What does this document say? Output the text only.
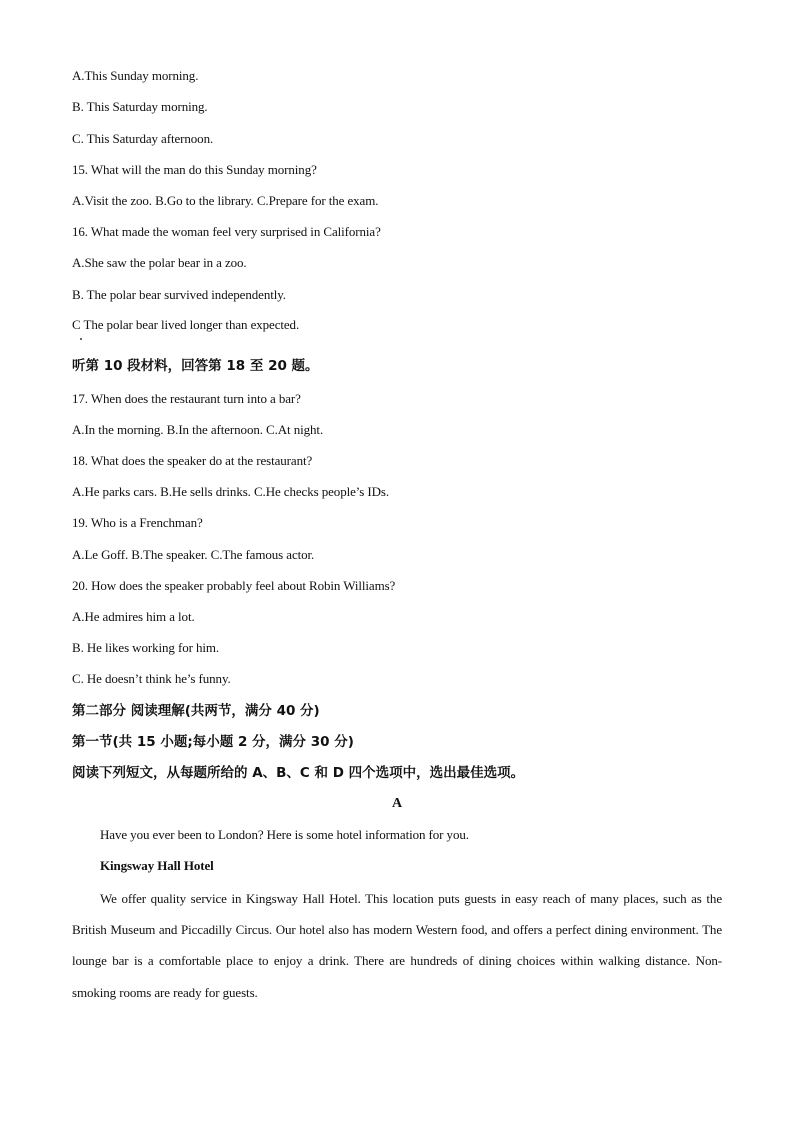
A.This Sunday morning.
B. This Saturday morning.
C. This Saturday afternoon.
15. What will the man do this Sunday morning?
A.Visit the zoo. B.Go to the library. C.Prepare for the exam.
16. What made the woman feel very surprised in California?
A.She saw the polar bear in a zoo.
B. The polar bear survived independently.
C The polar bear lived longer than expected.
听第 10 段材料，回答第 18 至 20 题。
17. When does the restaurant turn into a bar?
A.In the morning. B.In the afternoon. C.At night.
18. What does the speaker do at the restaurant?
A.He parks cars. B.He sells drinks. C.He checks people’s IDs.
19. Who is a Frenchman?
A.Le Goff. B.The speaker. C.The famous actor.
20. How does the speaker probably feel about Robin Williams?
A.He admires him a lot.
B. He likes working for him.
C. He doesn’t think he’s funny.
第二部分 阅读理解(共两节，满分 40 分)
第一节(共 15 小题;每小题 2 分，满分 30 分)
阅读下列短文，从每题所给的 A、B、C 和 D 四个选项中，选出最佳选项。
A
Have you ever been to London? Here is some hotel information for you.
Kingsway Hall Hotel
We offer quality service in Kingsway Hall Hotel. This location puts guests in easy reach of many places, such as the British Museum and Piccadilly Circus. Our hotel also has modern Western food, and offers a perfect dining environment. The lounge bar is a comfortable place to enjoy a drink. There are hundreds of dining choices within walking distance. Non-smoking rooms are ready for guests.
